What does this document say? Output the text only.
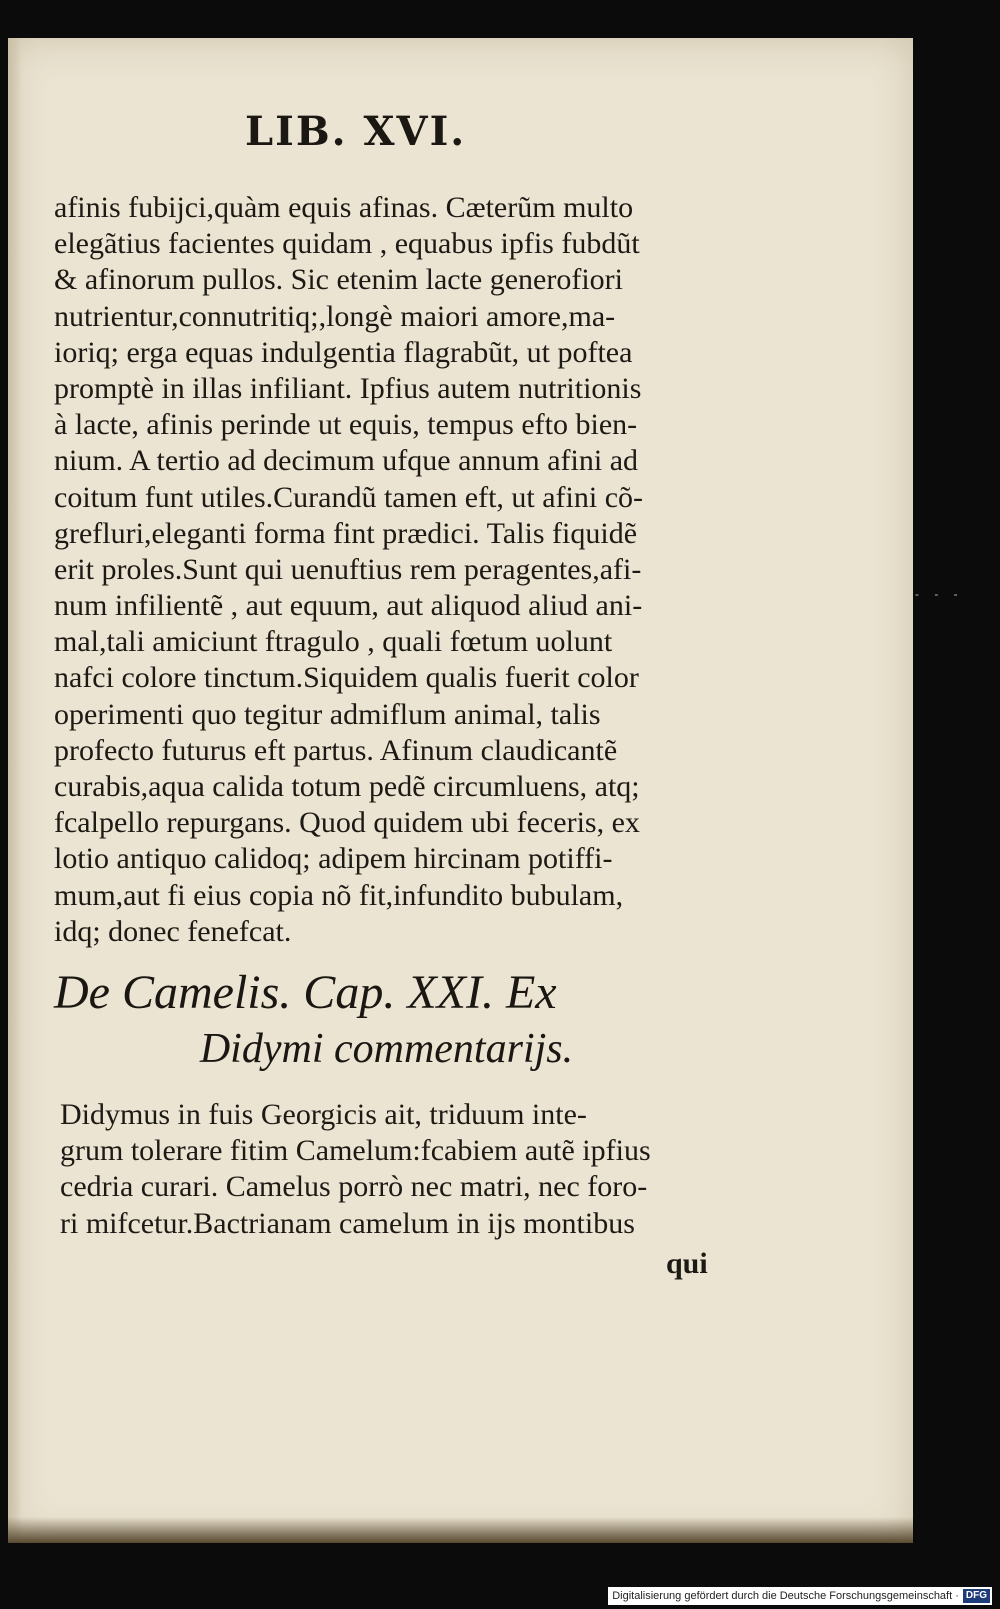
LIB. XVI.
afinis fubijci,quàm equis afinas. Cæterũm multo
elegãtius facientes quidam , equabus ipfis fubdũt
& afinorum pullos. Sic etenim lacte generofiori
nutrientur,connutritiq;,longè maiori amore,ma-
ioriq; erga equas indulgentia flagrabũt, ut poftea
promptè in illas infiliant. Ipfius autem nutritionis
à lacte, afinis perinde ut equis, tempus efto bien-
nium. A tertio ad decimum ufque annum afini ad
coitum funt utiles.Curandũ tamen eft, ut afini cõ-
grefluri,eleganti forma fint prædici. Talis fiquidẽ
erit proles.Sunt qui uenuftius rem peragentes,afi-
num infilientẽ , aut equum, aut aliquod aliud ani-
mal,tali amiciunt ftragulo , quali fœtum uolunt
nafci colore tinctum.Siquidem qualis fuerit color
operimenti quo tegitur admiflum animal, talis
profecto futurus eft partus. Afinum claudicantẽ
curabis,aqua calida totum pedẽ circumluens, atq;
fcalpello repurgans. Quod quidem ubi feceris, ex
lotio antiquo calidoq; adipem hircinam potiffi-
mum,aut fi eius copia nõ fit,infundito bubulam,
idq; donec fenefcat.
De Camelis. Cap. XXI. Ex
Didymi commentarijs.
Didymus in fuis Georgicis ait, triduum inte-
grum tolerare fitim Camelum:fcabiem autẽ ipfius
cedria curari. Camelus porrò nec matri, nec foro-
ri mifcetur.Bactrianam camelum in ijs montibus
qui
- - -
Digitalisierung gefördert durch die Deutsche Forschungsgemeinschaft · DFG
